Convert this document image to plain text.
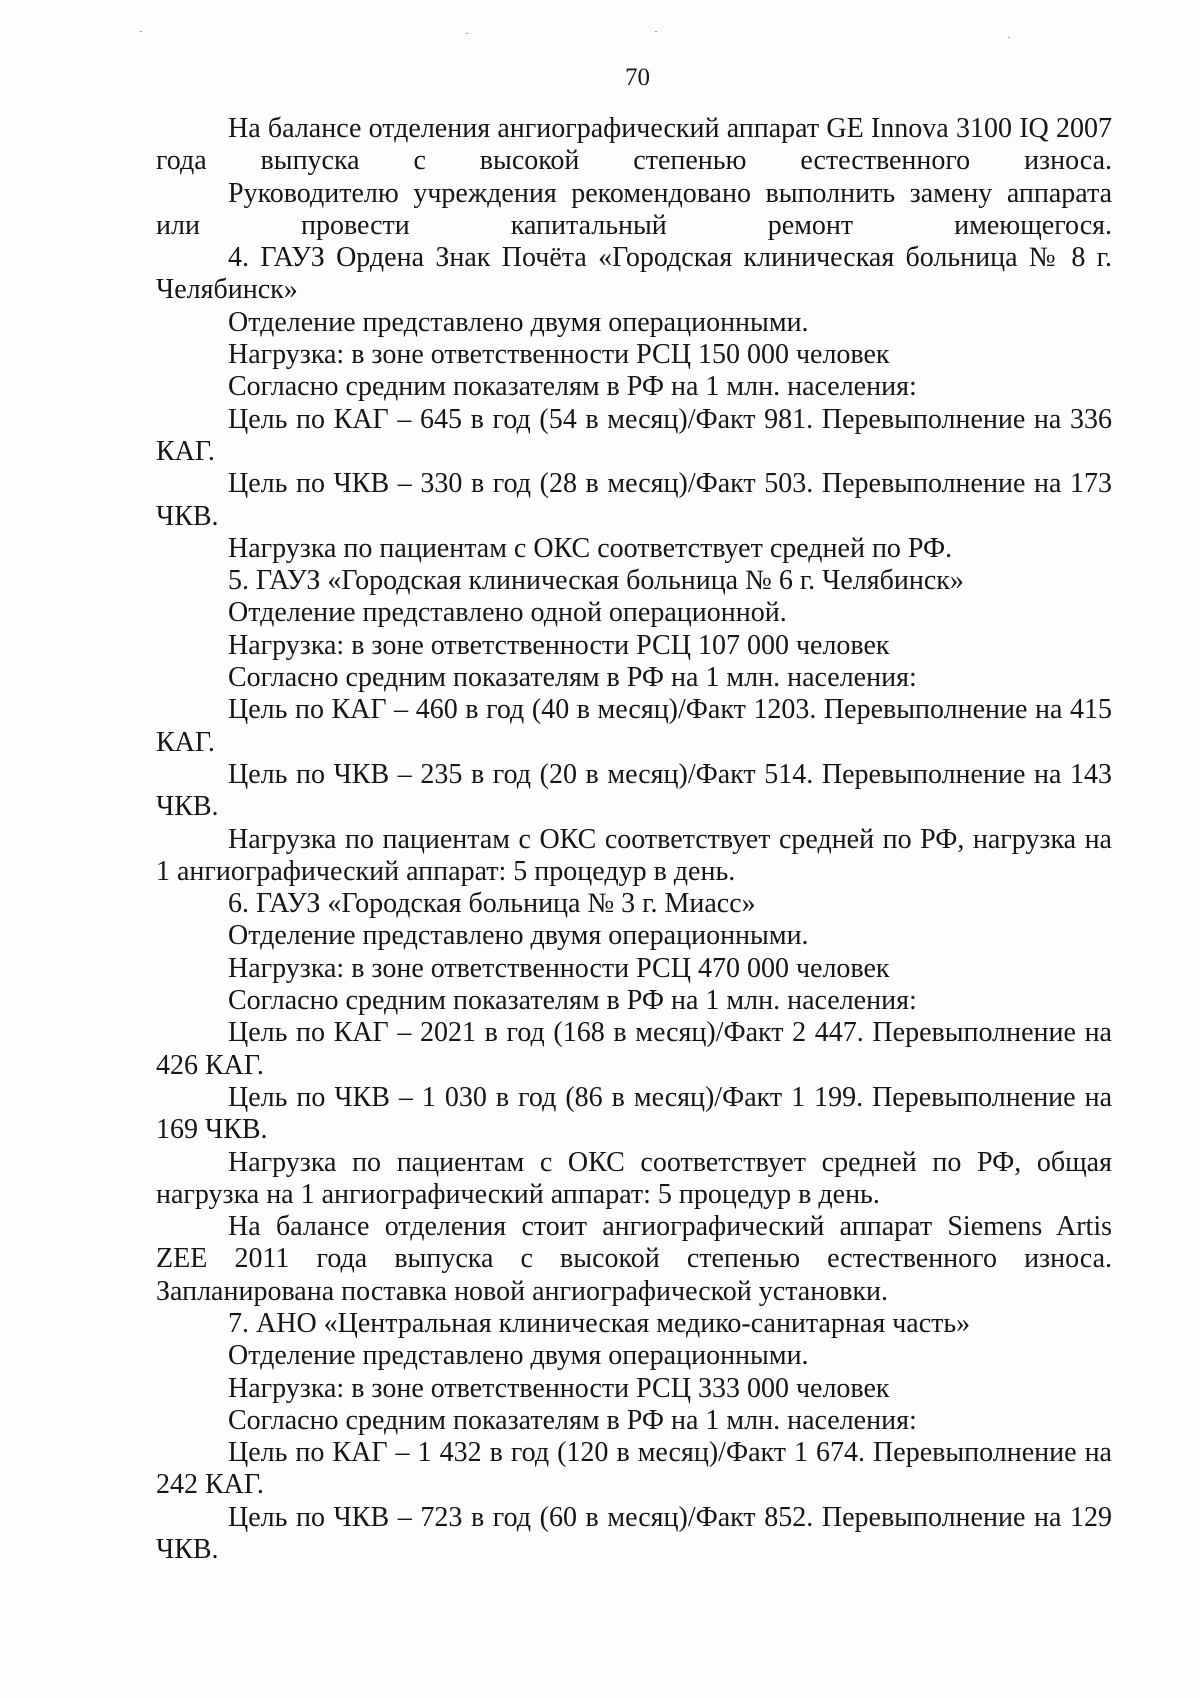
70

На балансе отделения ангиографический аппарат GE Innova 3100 IQ 2007 года выпуска с высокой степенью естественного износа.

Руководителю учреждения рекомендовано выполнить замену аппарата или провести капитальный ремонт имеющегося.

4. ГАУЗ Ордена Знак Почёта «Городская клиническая больница № 8 г. Челябинск»

Отделение представлено двумя операционными.

Нагрузка: в зоне ответственности РСЦ 150 000 человек

Согласно средним показателям в РФ на 1 млн. населения:

Цель по КАГ – 645 в год (54 в месяц)/Факт 981. Перевыполнение на 336 КАГ.

Цель по ЧКВ – 330 в год (28 в месяц)/Факт 503. Перевыполнение на 173 ЧКВ.

Нагрузка по пациентам с ОКС соответствует средней по РФ.

5. ГАУЗ «Городская клиническая больница № 6 г. Челябинск»

Отделение представлено одной операционной.

Нагрузка: в зоне ответственности РСЦ 107 000 человек

Согласно средним показателям в РФ на 1 млн. населения:

Цель по КАГ – 460 в год (40 в месяц)/Факт 1203. Перевыполнение на 415 КАГ.

Цель по ЧКВ – 235 в год (20 в месяц)/Факт 514. Перевыполнение на 143 ЧКВ.

Нагрузка по пациентам с ОКС соответствует средней по РФ, нагрузка на 1 ангиографический аппарат: 5 процедур в день.

6. ГАУЗ «Городская больница № 3 г. Миасс»

Отделение представлено двумя операционными.

Нагрузка: в зоне ответственности РСЦ 470 000 человек

Согласно средним показателям в РФ на 1 млн. населения:

Цель по КАГ – 2021 в год (168 в месяц)/Факт 2 447. Перевыполнение на 426 КАГ.

Цель по ЧКВ – 1 030 в год (86 в месяц)/Факт 1 199. Перевыполнение на 169 ЧКВ.

Нагрузка по пациентам с ОКС соответствует средней по РФ, общая нагрузка на 1 ангиографический аппарат: 5 процедур в день.

На балансе отделения стоит ангиографический аппарат Siemens Artis ZEE 2011 года выпуска с высокой степенью естественного износа. Запланирована поставка новой ангиографической установки.

7. АНО «Центральная клиническая медико-санитарная часть»

Отделение представлено двумя операционными.

Нагрузка: в зоне ответственности РСЦ 333 000 человек

Согласно средним показателям в РФ на 1 млн. населения:

Цель по КАГ – 1 432 в год (120 в месяц)/Факт 1 674. Перевыполнение на 242 КАГ.

Цель по ЧКВ – 723 в год (60 в месяц)/Факт 852. Перевыполнение на 129 ЧКВ.
